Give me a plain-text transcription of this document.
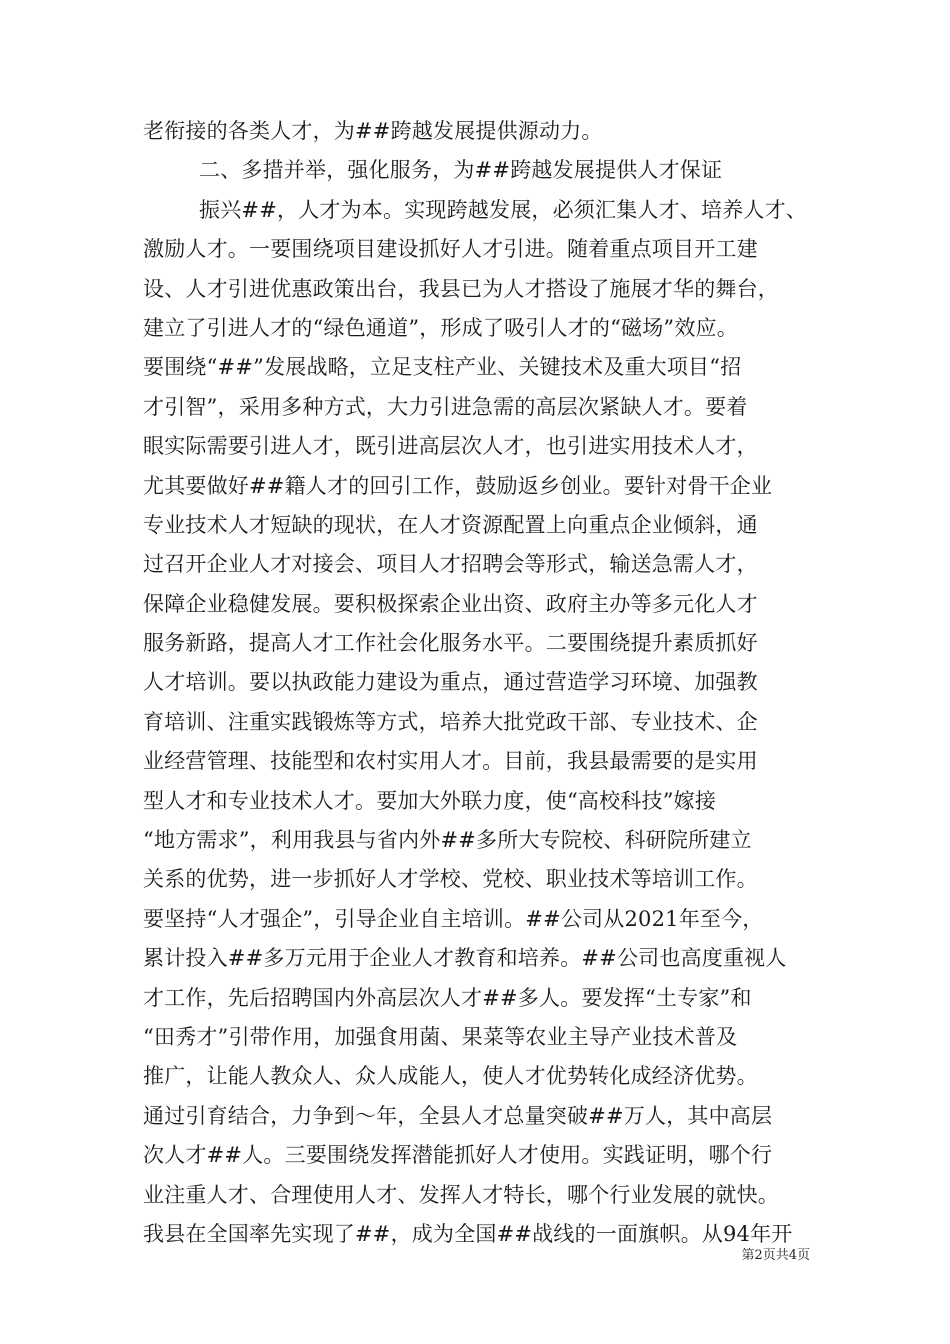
老衔接的各类人才，为##跨越发展提供源动力。
二、多措并举，强化服务，为##跨越发展提供人才保证
振兴##，人才为本。实现跨越发展，必须汇集人才、培养人才、
激励人才。一要围绕项目建设抓好人才引进。随着重点项目开工建
设、人才引进优惠政策出台，我县已为人才搭设了施展才华的舞台，
建立了引进人才的“绿色通道”，形成了吸引人才的“磁场”效应。
要围绕“##”发展战略，立足支柱产业、关键技术及重大项目“招
才引智”，采用多种方式，大力引进急需的高层次紧缺人才。要着
眼实际需要引进人才，既引进高层次人才，也引进实用技术人才，
尤其要做好##籍人才的回引工作，鼓励返乡创业。要针对骨干企业
专业技术人才短缺的现状，在人才资源配置上向重点企业倾斜，通
过召开企业人才对接会、项目人才招聘会等形式，输送急需人才，
保障企业稳健发展。要积极探索企业出资、政府主办等多元化人才
服务新路，提高人才工作社会化服务水平。二要围绕提升素质抓好
人才培训。要以执政能力建设为重点，通过营造学习环境、加强教
育培训、注重实践锻炼等方式，培养大批党政干部、专业技术、企
业经营管理、技能型和农村实用人才。目前，我县最需要的是实用
型人才和专业技术人才。要加大外联力度，使“高校科技”嫁接
“地方需求”，利用我县与省内外##多所大专院校、科研院所建立
关系的优势，进一步抓好人才学校、党校、职业技术等培训工作。
要坚持“人才强企”，引导企业自主培训。##公司从2021年至今，
累计投入##多万元用于企业人才教育和培养。##公司也高度重视人
才工作，先后招聘国内外高层次人才##多人。要发挥“土专家”和
“田秀才”引带作用，加强食用菌、果菜等农业主导产业技术普及
推广，让能人教众人、众人成能人，使人才优势转化成经济优势。
通过引育结合，力争到～年，全县人才总量突破##万人，其中高层
次人才##人。三要围绕发挥潜能抓好人才使用。实践证明，哪个行
业注重人才、合理使用人才、发挥人才特长，哪个行业发展的就快。
我县在全国率先实现了##，成为全国##战线的一面旗帜。从94年开
第2页共4页
